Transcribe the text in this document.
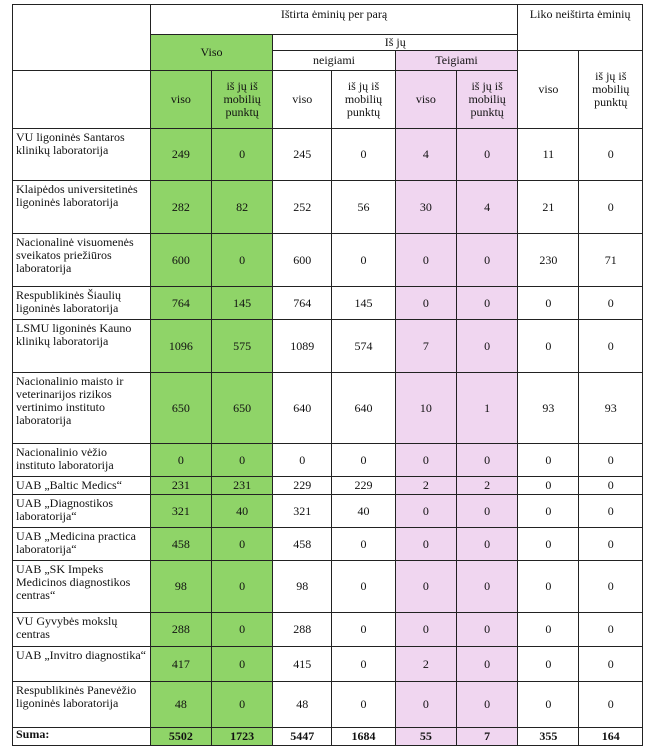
	Ištirta ėminių per parą						Liko neištirta ėminių	
	Viso		Iš jų					
			neigiami		Teigiami		viso	iš jų iš mobilių punktų
	viso	iš jų iš mobilių punktų	viso	iš jų iš mobilių punktų	viso	iš jų iš mobilių punktų		
VU ligoninės Santaros klinikų laboratorija	249	0	245	0	4	0	11	0
Klaipėdos universitetinės ligoninės laboratorija	282	82	252	56	30	4	21	0
Nacionalinė visuomenės sveikatos priežiūros laboratorija	600	0	600	0	0	0	230	71
Respublikinės Šiaulių ligoninės laboratorija	764	145	764	145	0	0	0	0
LSMU ligoninės Kauno klinikų laboratorija	1096	575	1089	574	7	0	0	0
Nacionalinio maisto ir veterinarijos rizikos vertinimo instituto laboratorija	650	650	640	640	10	1	93	93
Nacionalinio vėžio instituto laboratorija	0	0	0	0	0	0	0	0
UAB „Baltic Medics“	231	231	229	229	2	2	0	0
UAB „Diagnostikos laboratorija“	321	40	321	40	0	0	0	0
UAB „Medicina practica laboratorija“	458	0	458	0	0	0	0	0
UAB „SK Impeks Medicinos diagnostikos centras“	98	0	98	0	0	0	0	0
VU Gyvybės mokslų centras	288	0	288	0	0	0	0	0
UAB „Invitro diagnostika“	417	0	415	0	2	0	0	0
Respublikinės Panevėžio ligoninės laboratorija	48	0	48	0	0	0	0	0
Suma:	5502	1723	5447	1684	55	7	355	164
